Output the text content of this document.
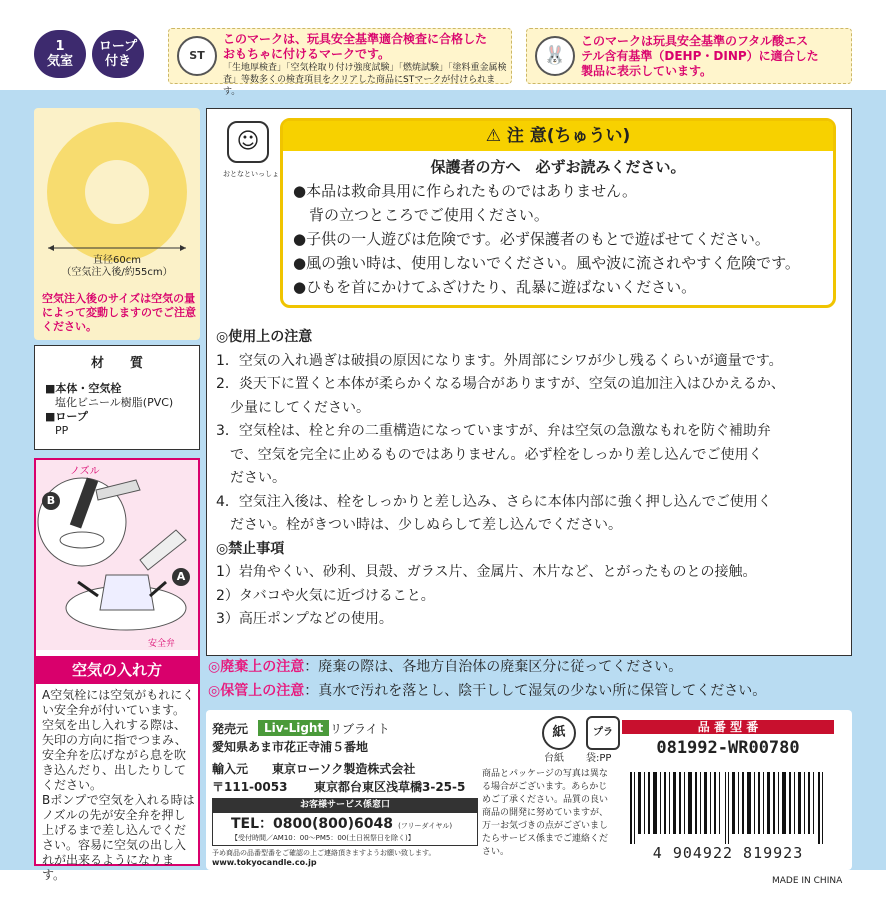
1
気室
ロープ
付き	ST
このマークは、玩具安全基準適合検査に合格した
おもちゃに付けるマークです。
「生地厚検査」「空気栓取り付け強度試験」「燃焼試験」「塗料重金属検
査」等数多くの検査項目をクリアした商品にSTマークが付けられます。
🐰
このマークは玩具安全基準のフタル酸エス
テル含有基準（DEHP・DINP）に適合した
製品に表示しています。
直径60cm
（空気注入後/約55cm）
空気注入後のサイズは空気の量によって変動しますのでご注意ください。
材　　質
■本体・空気栓
塩化ビニール樹脂(PVC)
■ロープ
PP
ノズル
B
A
安全弁
空気の入れ方
A空気栓には空気がもれにくい安全弁が付いています。空気を出し入れする際は、矢印の方向に指でつまみ、安全弁を広げながら息を吹き込んだり、出したりしてください。
Bポンプで空気を入れる時はノズルの先が安全弁を押し上げるまで差し込んでください。容易に空気の出し入れが出来るようになります。
☺
おとなといっしょ
⚠ 注 意(ちゅうい)
保護者の方へ　必ずお読みください。
●本品は救命具用に作られたものではありません。
背の立つところでご使用ください。
●子供の一人遊びは危険です。必ず保護者のもとで遊ばせてください。
●風の強い時は、使用しないでください。風や波に流されやすく危険です。
●ひもを首にかけてふざけたり、乱暴に遊ばないください。
◎使用上の注意
1．空気の入れ過ぎは破損の原因になります。外周部にシワが少し残るくらいが適量です。
2．炎天下に置くと本体が柔らかくなる場合がありますが、空気の追加注入はひかえるか、
　少量にしてください。
3．空気栓は、栓と弁の二重構造になっていますが、弁は空気の急激なもれを防ぐ補助弁
　で、空気を完全に止めるものではありません。必ず栓をしっかり差し込んでご使用く
　ださい。
4．空気注入後は、栓をしっかりと差し込み、さらに本体内部に強く押し込んでご使用く
　ださい。栓がきつい時は、少しぬらして差し込んでください。
◎禁止事項
1）岩角やくい、砂利、貝殻、ガラス片、金属片、木片など、とがったものとの接触。
2）タバコや火気に近づけること。
3）高圧ポンプなどの使用。
◎廃棄上の注意：廃棄の際は、各地方自治体の廃棄区分に従ってください。
◎保管上の注意：真水で汚れを落とし、陰干しして湿気の少ない所に保管してください。
発売元	Liv-Light リブライト
愛知県あま市花正寺浦５番地
輸入元 東京ローソク製造株式会社
〒111-0053 東京都台東区浅草橋3-25-5
お客様サービス係窓口
TEL：0800(800)6048 (フリーダイヤル)
【受付時間／AM10：00〜PM5：00(土日祝祭日を除く)】
予め商品の品番型番をご確認の上ご連絡頂きますようお願い致します。
www.tokyocandle.co.jp
紙
台紙
プラ
袋:PP
商品とパッケージの写真は異なる場合がございます。あらかじめご了承ください。品質の良い商品の開発に努めていますが、万一お気づきの点がございましたらサービス係までご連絡ください。
品 番 型 番
081992-WR00780
4 904922 819923
MADE IN CHINA
